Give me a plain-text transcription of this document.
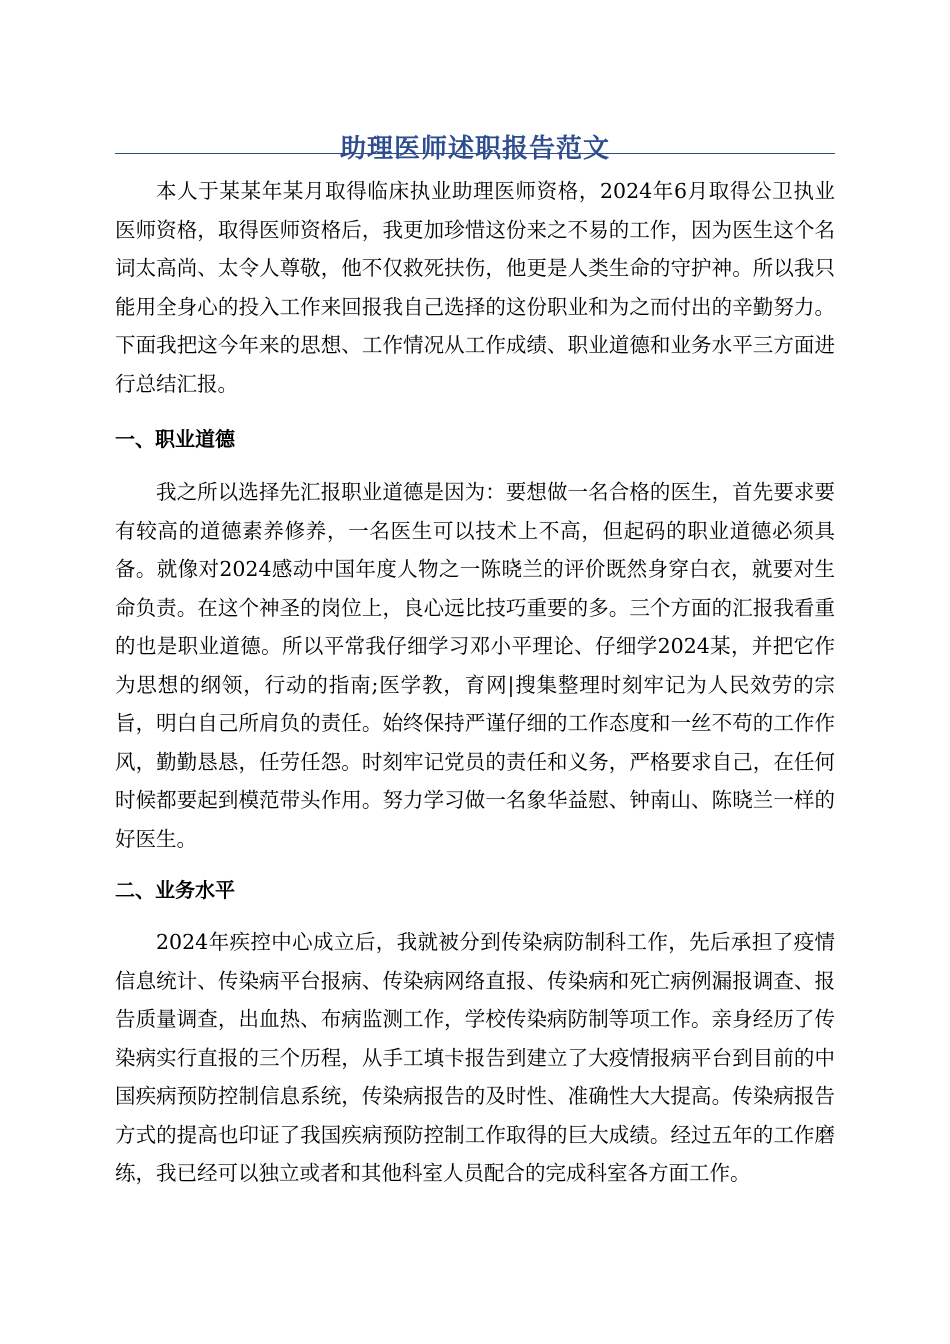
助理医师述职报告范文

本人于某某年某月取得临床执业助理医师资格，2024年6月取得公卫执业医师资格，取得医师资格后，我更加珍惜这份来之不易的工作，因为医生这个名词太高尚、太令人尊敬，他不仅救死扶伤，他更是人类生命的守护神。所以我只能用全身心的投入工作来回报我自己选择的这份职业和为之而付出的辛勤努力。下面我把这今年来的思想、工作情况从工作成绩、职业道德和业务水平三方面进行总结汇报。

一、职业道德

我之所以选择先汇报职业道德是因为：要想做一名合格的医生，首先要求要有较高的道德素养修养，一名医生可以技术上不高，但起码的职业道德必须具备。就像对2024感动中国年度人物之一陈晓兰的评价既然身穿白衣，就要对生命负责。在这个神圣的岗位上，良心远比技巧重要的多。三个方面的汇报我看重的也是职业道德。所以平常我仔细学习邓小平理论、仔细学2024某，并把它作为思想的纲领，行动的指南;医学教，育网|搜集整理时刻牢记为人民效劳的宗旨，明白自己所肩负的责任。始终保持严谨仔细的工作态度和一丝不苟的工作作风，勤勤恳恳，任劳任怨。时刻牢记党员的责任和义务，严格要求自己，在任何时候都要起到模范带头作用。努力学习做一名象华益慰、钟南山、陈晓兰一样的好医生。

二、业务水平

2024年疾控中心成立后，我就被分到传染病防制科工作，先后承担了疫情信息统计、传染病平台报病、传染病网络直报、传染病和死亡病例漏报调查、报告质量调查，出血热、布病监测工作，学校传染病防制等项工作。亲身经历了传染病实行直报的三个历程，从手工填卡报告到建立了大疫情报病平台到目前的中国疾病预防控制信息系统，传染病报告的及时性、准确性大大提高。传染病报告方式的提高也印证了我国疾病预防控制工作取得的巨大成绩。经过五年的工作磨练，我已经可以独立或者和其他科室人员配合的完成科室各方面工作。
